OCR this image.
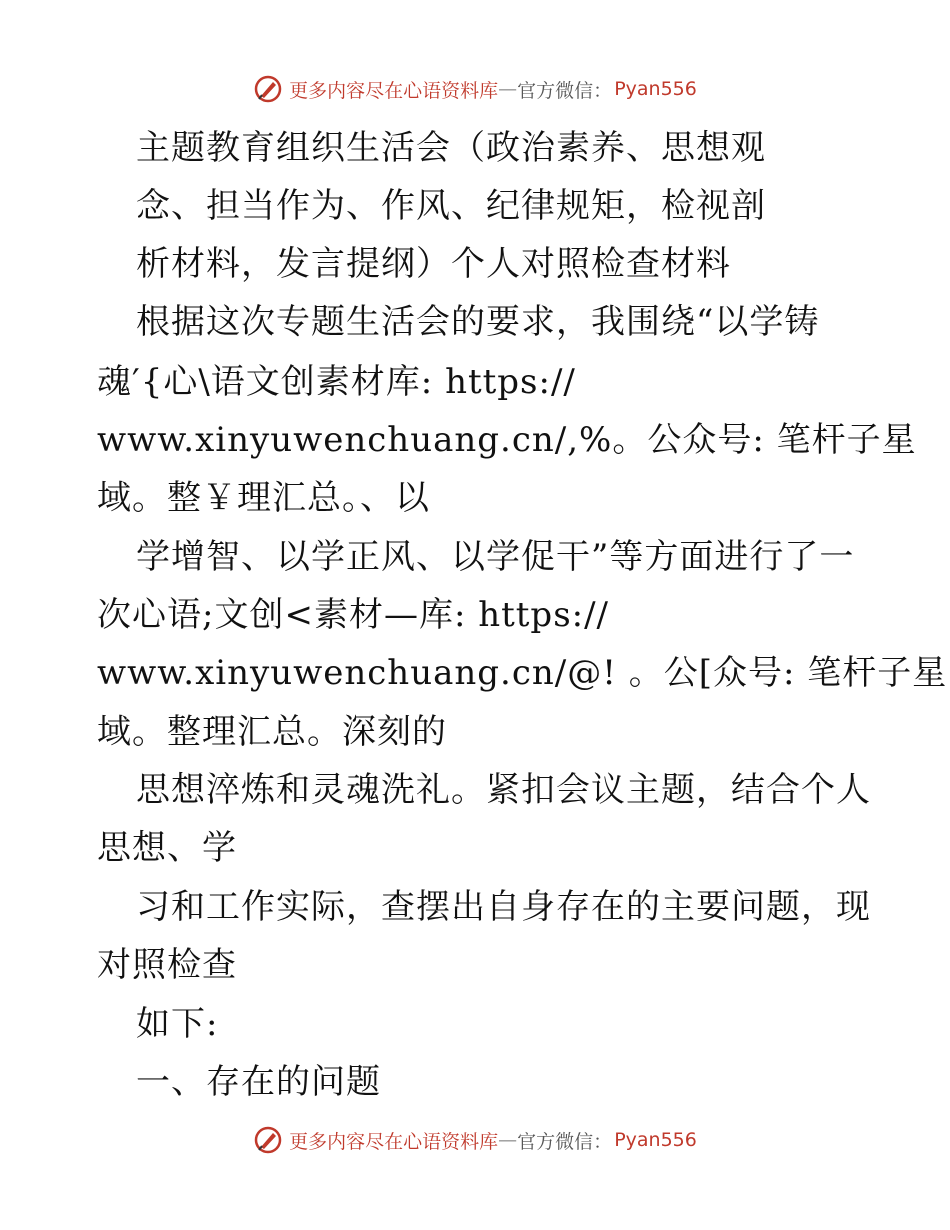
更多内容尽在心语资料库 — 官方微信： Pyan556
主题教育组织生活会（政治素养、思想观
念、担当作为、作风、纪律规矩，检视剖
析材料，发言提纲）个人对照检查材料
根据这次专题生活会的要求，我围绕“以学铸
魂′{心\语文创素材库: https://
www.xinyuwenchuang.cn/,%。公众号: 笔杆子星
域。整￥理汇总。、以
学增智、以学正风、以学促干”等方面进行了一
次心语;文创<素材—库: https://
www.xinyuwenchuang.cn/@! 。公[众号: 笔杆子星
域。整理汇总。深刻的
思想淬炼和灵魂洗礼。紧扣会议主题，结合个人
思想、学
习和工作实际，查摆出自身存在的主要问题，现
对照检查
如下:
一、存在的问题
更多内容尽在心语资料库 — 官方微信： Pyan556
